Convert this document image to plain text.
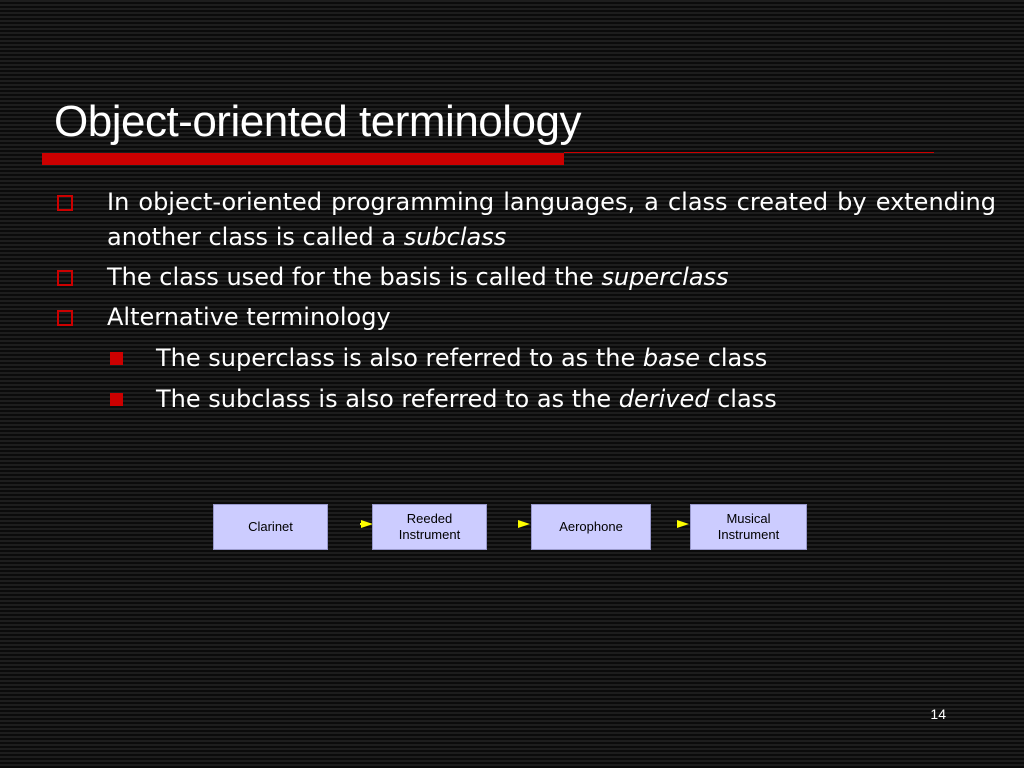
Object-oriented terminology
In object-oriented programming languages, a class created by extending another class is called a subclass
The class used for the basis is called the superclass
Alternative terminology
The superclass is also referred to as the base class
The subclass is also referred to as the derived class
Clarinet
Reeded Instrument
Aerophone
Musical Instrument
14
